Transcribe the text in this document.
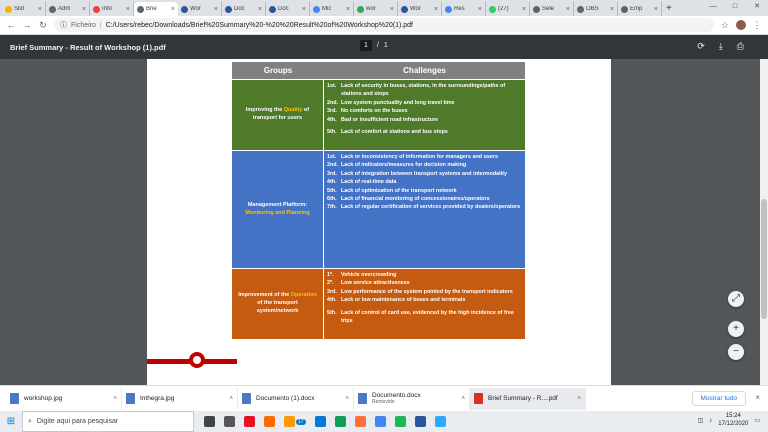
Slid	×	Adm	×	Info	×	Brie	×	Wor	×	Doc	×	Doc	×	Mic	×	wor	×	Wor	×	Res	×	(27)	×	Sele	×	OBS	×	Emp	× +	—	□	✕
← → ↻ ⓘ Ficheiro | C:/Users/rebec/Downloads/Brief%20Summary%20-%20%20Result%20of%20Workshop%20(1).pdf	☆	⋮
Brief Summary - Result of Workshop (1).pdf	1	/ 1	⟳ ⤓ ⎙
Groups	Challenges
Improving the Quality of transport for users
1st. Lack of security in buses, stations, in the surroundings/paths of stations and stops
2nd. Low system punctuality and long travel time
3rd. No comforts on the buses
4th. Bad or insufficient road infrastructure
5th. Lack of comfort at stations and bus stops
Management Platform: Monitoring and Planning
1st. Lack or inconsistency of information for managers and users
2nd. Lack of indicators/measures for decision making
3rd. Lack of integration between transport systems and intermodality
4th. Lack of real-time data
5th. Lack of optimization of the transport network
6th. Lack of financial monitoring of concessionaires/operators
7th. Lack of regular certification of services provided by dealers/operators
Improvement of the Operation of the transport system/network
1º.	Vehicle overcrowding
2º.	Low service attractiveness
3rd. Low performance of the system pointed by the transport indicators
4th. Lack or low maintenance of buses and terminals
5th. Lack of control of card use, evidenced by the high incidence of free trips
⤢
+
−
workshop.jpg	˄	Inthegra.jpg	˄	Documento (1).docx	˄	Documento.docx
Removido
˄	Brief Summary - R....pdf	˄	Mostrar tudo	×
⊞	⌕ Digite aqui para pesquisar	17	◫ ♪
15:24
17/12/2020 ▭
